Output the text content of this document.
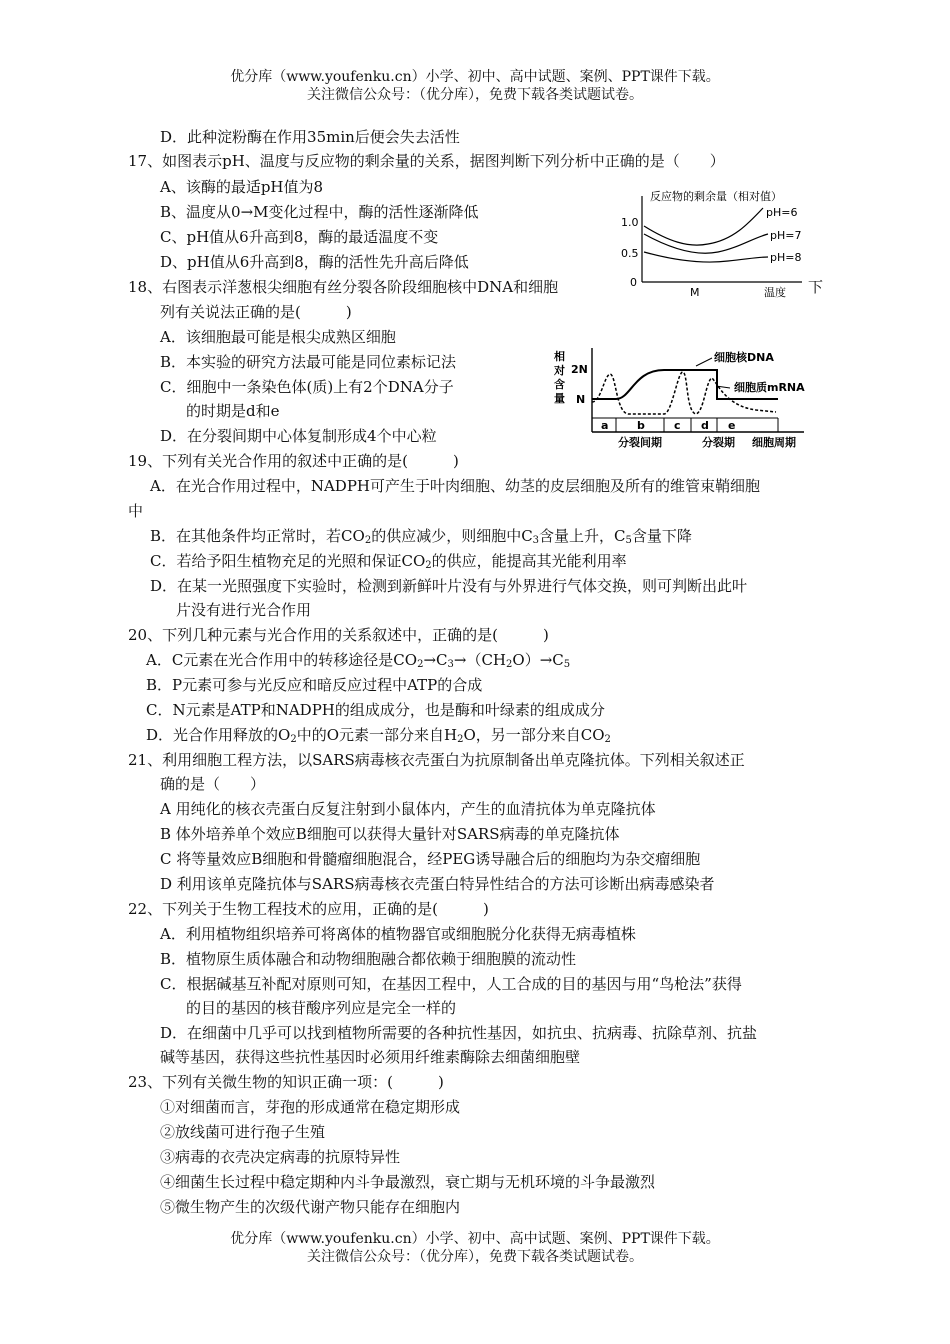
优分库（www.youfenku.cn）小学、初中、高中试题、案例、PPT课件下载。
关注微信公众号：（优分库），免费下载各类试题试卷。
D．此种淀粉酶在作用35min后便会失去活性
17、如图表示pH、温度与反应物的剩余量的关系，据图判断下列分析中正确的是（　　）
A、该酶的最适pH值为8
B、温度从0→M变化过程中，酶的活性逐渐降低
C、pH值从6升高到8，酶的最适温度不变
D、pH值从6升高到8，酶的活性先升高后降低
反应物的剩余量（相对值）
1.0
0.5
0
M	温度
pH=6
pH=7
pH=8
18、右图表示洋葱根尖细胞有丝分裂各阶段细胞核中DNA和细胞	下
列有关说法正确的是(　　　)
A．该细胞最可能是根尖成熟区细胞
B．本实验的研究方法最可能是同位素标记法
C．细胞中一条染色体(质)上有2个DNA分子
的时期是d和e
D．在分裂间期中心体复制形成4个中心粒
相
对
含
量
2N
N
细胞核DNA
细胞质mRNA
a	b	c d e
分裂间期	分裂期 细胞周期
19、下列有关光合作用的叙述中正确的是(　　　)
A．在光合作用过程中，NADPH可产生于叶肉细胞、幼茎的皮层细胞及所有的维管束鞘细胞
中
B．在其他条件均正常时，若$CO_2$的供应减少，则细胞中$C_3$含量上升，$C_5$含量下降
C．若给予阳生植物充足的光照和保证$CO_2$的供应，能提高其光能利用率
D．在某一光照强度下实验时，检测到新鲜叶片没有与外界进行气体交换，则可判断出此叶
片没有进行光合作用
20、下列几种元素与光合作用的关系叙述中，正确的是(　　　)
A．C元素在光合作用中的转移途径是$CO_2\to C_3\to(CH_2O)\to C_5$
B．P元素可参与光反应和暗反应过程中ATP的合成
C．N元素是ATP和NADPH的组成成分，也是酶和叶绿素的组成成分
D．光合作用释放的$O_2$中的O元素一部分来自$H_2O$，另一部分来自$CO_2$
21、利用细胞工程方法，以SARS病毒核衣壳蛋白为抗原制备出单克隆抗体。下列相关叙述正
确的是（　　）
A 用纯化的核衣壳蛋白反复注射到小鼠体内，产生的血清抗体为单克隆抗体
B 体外培养单个效应B细胞可以获得大量针对SARS病毒的单克隆抗体
C 将等量效应B细胞和骨髓瘤细胞混合，经PEG诱导融合后的细胞均为杂交瘤细胞
D 利用该单克隆抗体与SARS病毒核衣壳蛋白特异性结合的方法可诊断出病毒感染者
22、下列关于生物工程技术的应用，正确的是(　　　)
A．利用植物组织培养可将离体的植物器官或细胞脱分化获得无病毒植株
B．植物原生质体融合和动物细胞融合都依赖于细胞膜的流动性
C．根据碱基互补配对原则可知，在基因工程中，人工合成的目的基因与用“鸟枪法”获得
的目的基因的核苷酸序列应是完全一样的
D．在细菌中几乎可以找到植物所需要的各种抗性基因，如抗虫、抗病毒、抗除草剂、抗盐
碱等基因，获得这些抗性基因时必须用纤维素酶除去细菌细胞壁
23、下列有关微生物的知识正确一项：(　　　)
①对细菌而言，芽孢的形成通常在稳定期形成
②放线菌可进行孢子生殖
③病毒的衣壳决定病毒的抗原特异性
④细菌生长过程中稳定期种内斗争最激烈，衰亡期与无机环境的斗争最激烈
⑤微生物产生的次级代谢产物只能存在细胞内
优分库（www.youfenku.cn）小学、初中、高中试题、案例、PPT课件下载。
关注微信公众号：（优分库），免费下载各类试题试卷。
